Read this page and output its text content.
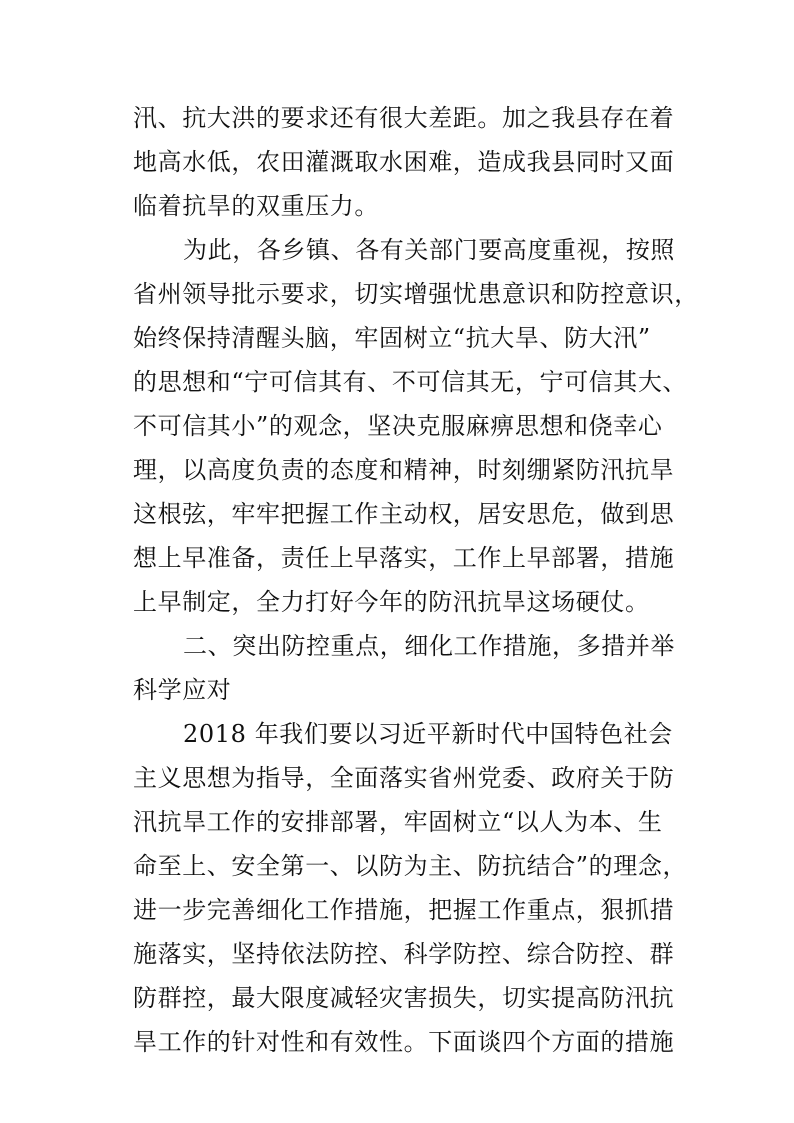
汛、抗大洪的要求还有很大差距。加之我县存在着
地高水低，农田灌溉取水困难，造成我县同时又面
临着抗旱的双重压力。
为此，各乡镇、各有关部门要高度重视，按照
省州领导批示要求，切实增强忧患意识和防控意识，
始终保持清醒头脑，牢固树立“抗大旱、防大汛”
的思想和“宁可信其有、不可信其无，宁可信其大、
不可信其小”的观念，坚决克服麻痹思想和侥幸心
理，以高度负责的态度和精神，时刻绷紧防汛抗旱
这根弦，牢牢把握工作主动权，居安思危，做到思
想上早准备，责任上早落实，工作上早部署，措施
上早制定，全力打好今年的防汛抗旱这场硬仗。
二、突出防控重点，细化工作措施，多措并举
科学应对
2018 年我们要以习近平新时代中国特色社会
主义思想为指导，全面落实省州党委、政府关于防
汛抗旱工作的安排部署，牢固树立“以人为本、生
命至上、安全第一、以防为主、防抗结合”的理念，
进一步完善细化工作措施，把握工作重点，狠抓措
施落实，坚持依法防控、科学防控、综合防控、群
防群控，最大限度减轻灾害损失，切实提高防汛抗
旱工作的针对性和有效性。下面谈四个方面的措施
